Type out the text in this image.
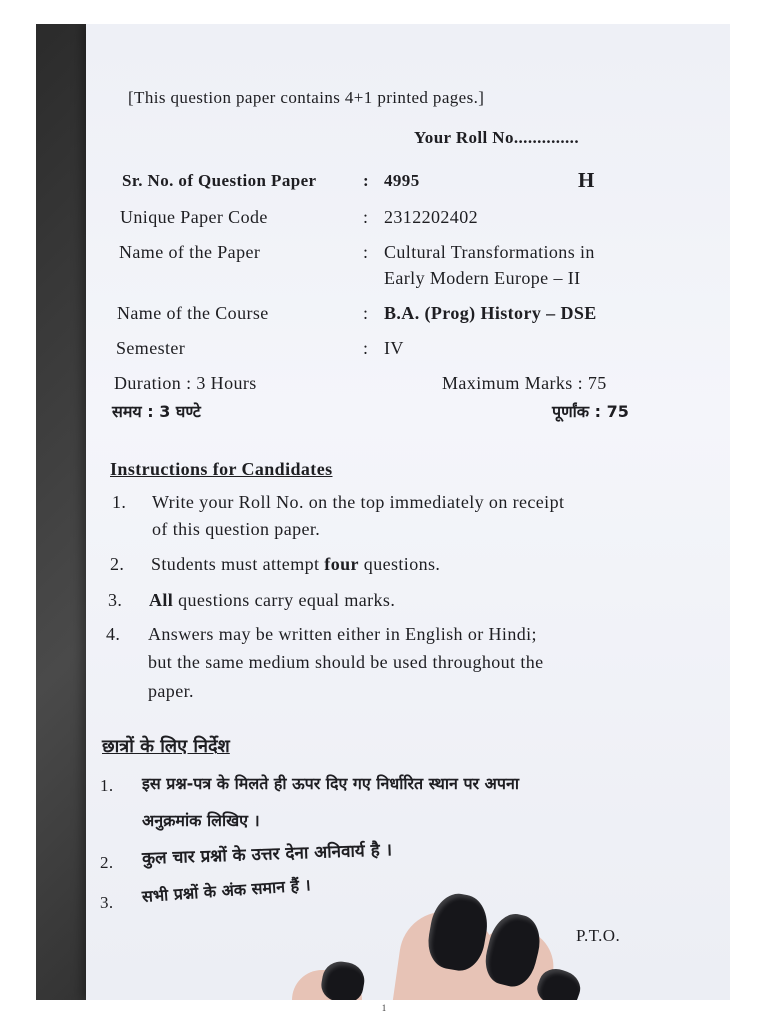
[This question paper contains 4+1 printed pages.]
Your Roll No..............
Sr. No. of Question Paper	: 4995	H
Unique Paper Code	: 2312202402
Name of the Paper	: Cultural Transformations in
Early Modern Europe – II
Name of the Course	: B.A. (Prog) History – DSE
Semester	: IV
Duration : 3 Hours	Maximum Marks : 75
समय : 3 घण्टे	पूर्णांक : 75
Instructions for Candidates
1. Write your Roll No. on the top immediately on receipt
of this question paper.
2. Students must attempt four questions.
3. All questions carry equal marks.
4. Answers may be written either in English or Hindi;
but the same medium should be used throughout the
paper.
छात्रों के लिए निर्देश
1. इस प्रश्न-पत्र के मिलते ही ऊपर दिए गए निर्धारित स्थान पर अपना
अनुक्रमांक लिखिए ।
2. कुल चार प्रश्नों के उत्तर देना अनिवार्य है ।
3. सभी प्रश्नों के अंक समान हैं ।
P.T.O.
1
